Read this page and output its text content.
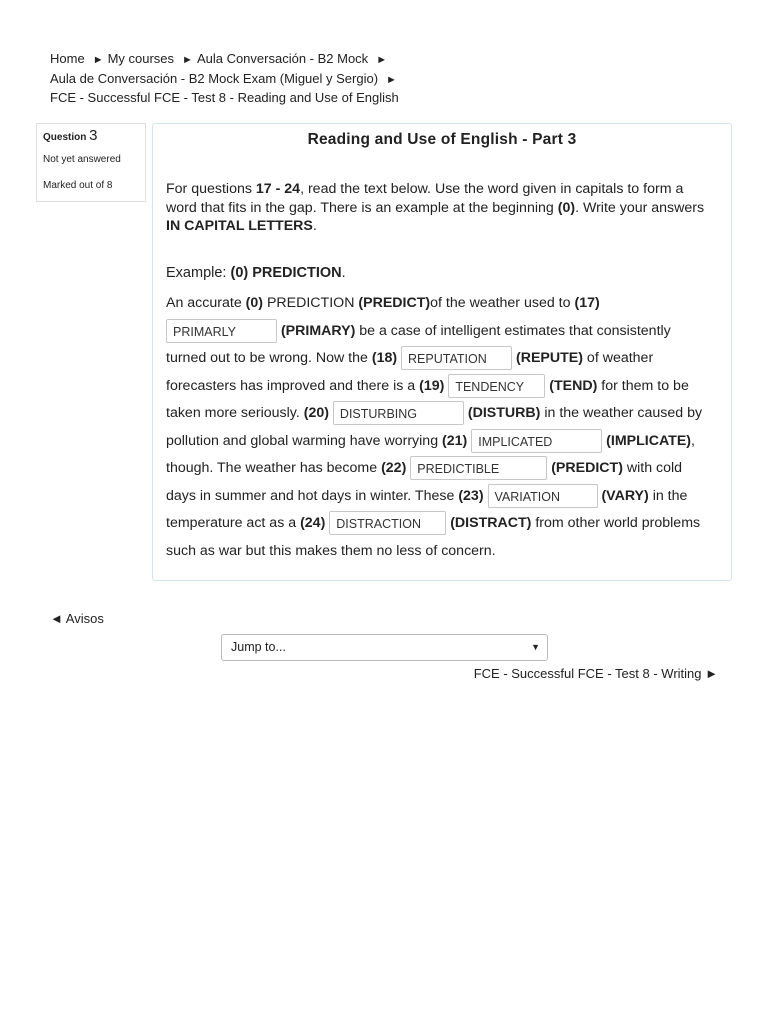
Home ► My courses ► Aula Conversación - B2 Mock ►
Aula de Conversación - B2 Mock Exam (Miguel y Sergio) ►
FCE - Successful FCE - Test 8 - Reading and Use of English
Question 3
Not yet answered
Marked out of 8
Reading and Use of English - Part 3
For questions 17 - 24, read the text below. Use the word given in capitals to form a word that fits in the gap. There is an example at the beginning (0). Write your answers IN CAPITAL LETTERS.
Example: (0) PREDICTION.
An accurate (0) PREDICTION (PREDICT)of the weather used to (17) PRIMARLY	(PRIMARY) be a case of intelligent estimates that consistently turned out to be wrong. Now the (18) REPUTATION (REPUTE) of weather forecasters has improved and there is a (19) TENDENCY (TEND) for them to be taken more seriously. (20) DISTURBING	(DISTURB) in the weather caused by pollution and global warming have worrying (21) IMPLICATED	(IMPLICATE), though. The weather has become (22) PREDICTIBLE	(PREDICT) with cold days in summer and hot days in winter. These (23) VARIATION	(VARY) in the temperature act as a (24) DISTRACTION (DISTRACT) from other world problems such as war but this makes them no less of concern.
◄ Avisos
Jump to...	▼
FCE - Successful FCE - Test 8 - Writing ►
